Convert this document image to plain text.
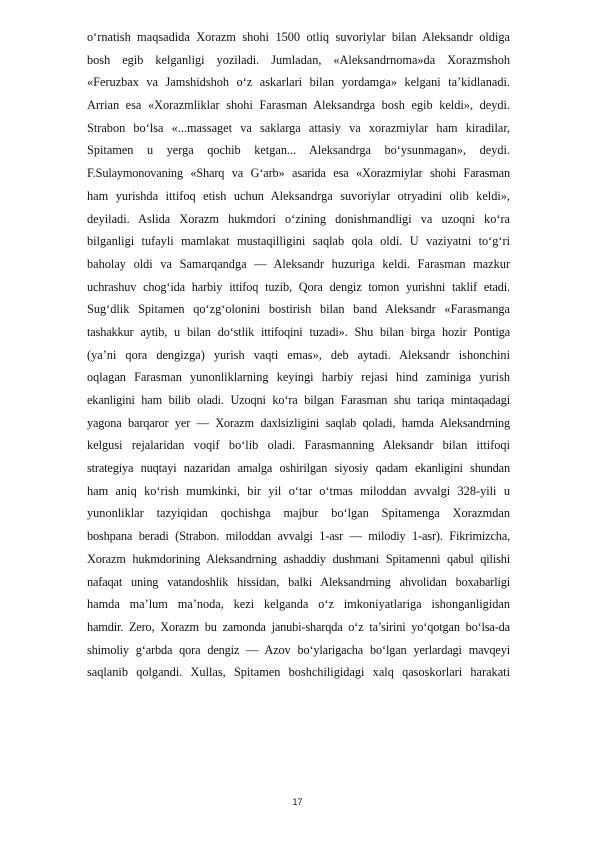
o‘rnatish maqsadida Xorazm shohi 1500 otliq suvoriylar bilan Aleksandr oldiga
bosh egib kelganligi yoziladi. Jumladan, «Aleksandrnoma»da Xorazmshoh
«Feruzbax va Jamshidshoh o‘z askarlari bilan yordamga» kelgani ta’kidlanadi.
Arrian esa «Xorazmliklar shohi Farasman Aleksandrga bosh egib keldi», deydi.
Strabon bo‘lsa «...massaget va saklarga attasiy va xorazmiylar ham kiradilar,
Spitamen u yerga qochib ketgan... Aleksandrga bo‘ysunmagan», deydi.
F.Sulaymonovaning «Sharq va G‘arb» asarida esa «Xorazmiylar shohi Farasman
ham yurishda ittifoq etish uchun Aleksandrga suvoriylar otryadini olib keldi»,
deyiladi. Aslida Xorazm hukmdori o‘zining donishmandligi va uzoqni ko‘ra
bilganligi tufayli mamlakat mustaqilligini saqlab qola oldi. U vaziyatni to‘g‘ri
baholay oldi va Samarqandga — Aleksandr huzuriga keldi. Farasman mazkur
uchrashuv chog‘ida harbiy ittifoq tuzib, Qora dengiz tomon yurishni taklif etadi.
Sug‘dlik Spitamen qo‘zg‘olonini bostirish bilan band Aleksandr «Farasmanga
tashakkur aytib, u bilan do‘stlik ittifoqini tuzadi». Shu bilan birga hozir Pontiga
(ya’ni qora dengizga) yurish vaqti emas», deb aytadi. Aleksandr ishonchini
oqlagan Farasman yunonliklarning keyingi harbiy rejasi hind zaminiga yurish
ekanligini ham bilib oladi. Uzoqni ko‘ra bilgan Farasman shu tariqa mintaqadagi
yagona barqaror yer — Xorazm daxlsizligini saqlab qoladi, hamda Aleksandrning
kelgusi rejalaridan voqif bo‘lib oladi. Farasmanning Aleksandr bilan ittifoqi
strategiya nuqtayi nazaridan amalga oshirilgan siyosiy qadam ekanligini shundan
ham aniq ko‘rish mumkinki, bir yil o‘tar o‘tmas miloddan avvalgi 328-yili u
yunonliklar tazyiqidan qochishga majbur bo‘lgan Spitamenga Xorazmdan
boshpana beradi (Strabon. miloddan avvalgi 1-asr — milodiy 1-asr). Fikrimizcha,
Xorazm hukmdorining Aleksandrning ashaddiy dushmani Spitamenni qabul qilishi
nafaqat uning vatandoshlik hissidan, balki Aleksandrning ahvolidan boxabarligi
hamda ma’lum ma’noda, kezi kelganda o‘z imkoniyatlariga ishonganligidan
hamdir. Zero, Xorazm bu zamonda janubi-sharqda o‘z ta’sirini yo‘qotgan bo‘lsa-da
shimoliy g‘arbda qora dengiz — Azov bo‘ylarigacha bo‘lgan yerlardagi mavqeyi
saqlanib qolgandi. Xullas, Spitamen boshchiligidagi xalq qasoskorlari harakati
17
